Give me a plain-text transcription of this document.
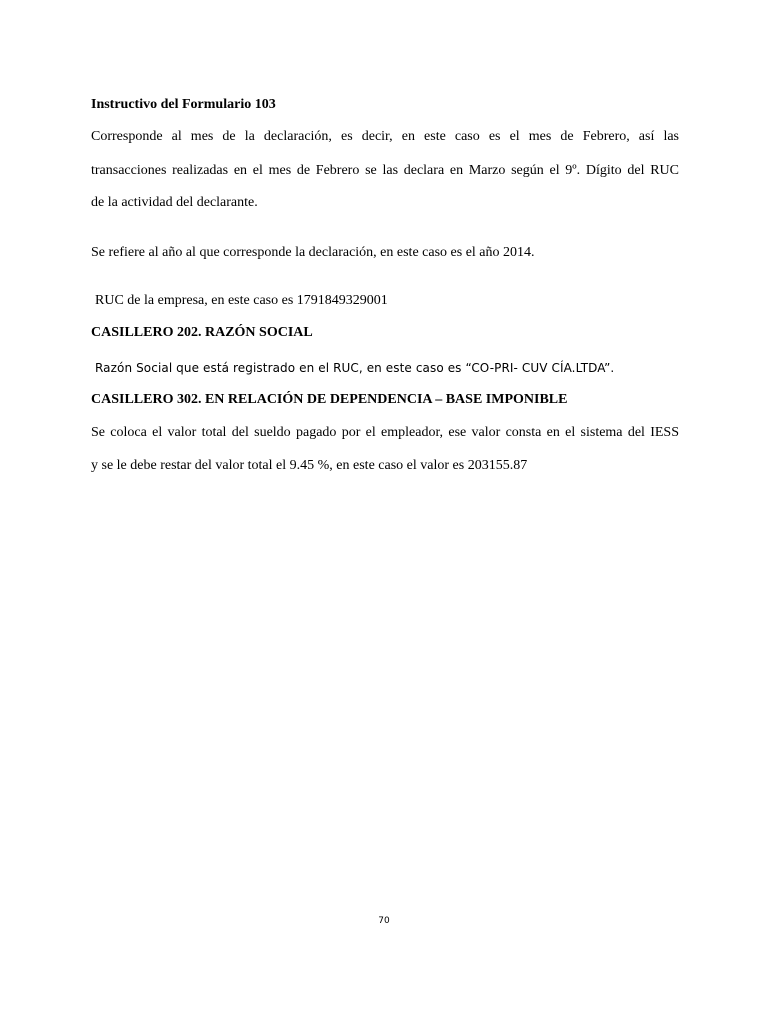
Instructivo del Formulario 103
Corresponde al mes de la declaración, es decir, en este caso es el mes de Febrero, así las
transacciones realizadas en el mes de Febrero se las declara en Marzo según el 9º. Dígito del RUC
de la actividad del declarante.
Se refiere al año al que corresponde la declaración, en este caso es el año 2014.
RUC de la empresa, en este caso es 1791849329001
CASILLERO 202. RAZÓN SOCIAL
Razón Social que está registrado en el RUC, en este caso es “CO-PRI- CUV CÍA.LTDA”.
CASILLERO 302. EN RELACIÓN DE DEPENDENCIA – BASE IMPONIBLE
Se coloca el valor total del sueldo pagado por el empleador, ese valor consta en el sistema del IESS
y se le debe restar del valor total el 9.45 %, en este caso el valor es 203155.87
70
